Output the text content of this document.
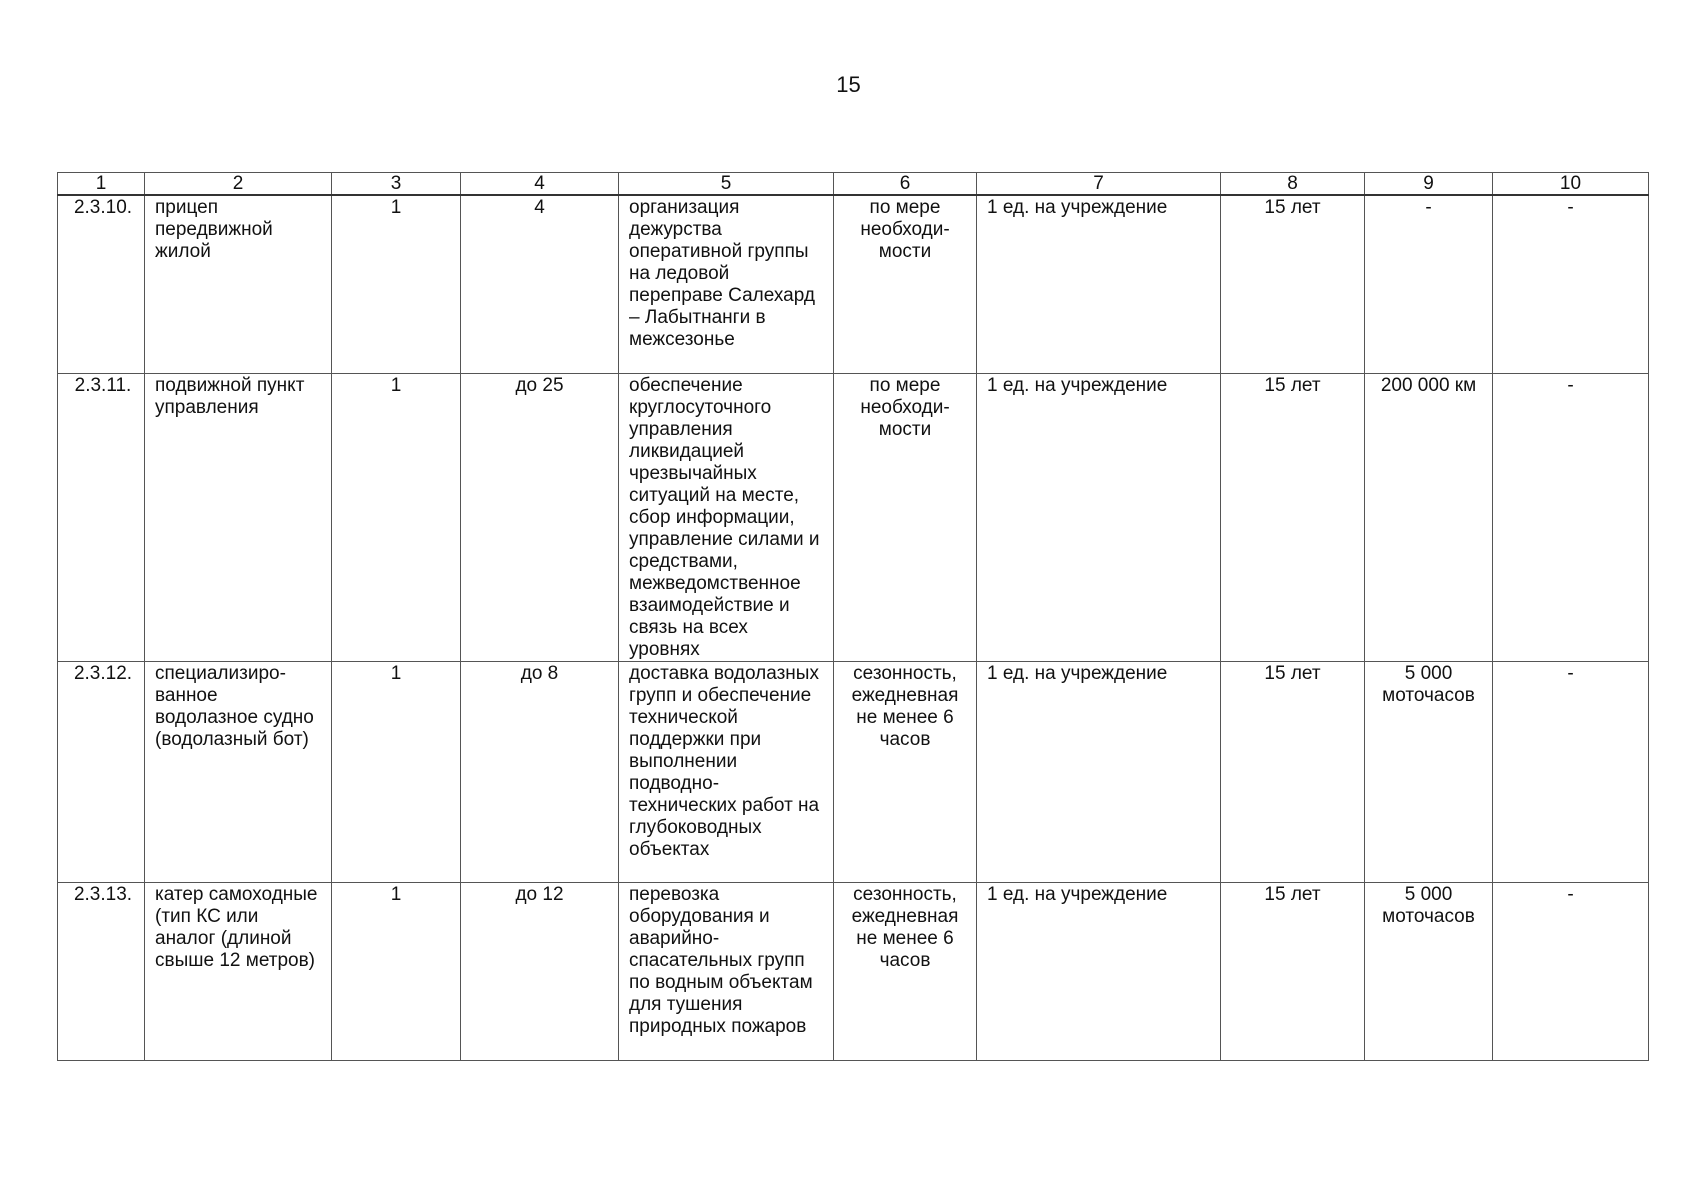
15
1	2	3	4	5	6	7	8	9	10
2.3.10.	прицеп передвижной жилой	1	4	организация дежурства оперативной группы на ледовой переправе Салехард – Лабытнанги в межсезонье	по мере необходи-мости	1 ед. на учреждение	15 лет	-	-
2.3.11.	подвижной пункт управления	1	до 25	обеспечение круглосуточного управления ликвидацией чрезвычайных ситуаций на месте, сбор информации, управление силами и средствами, межведомственное взаимодействие и связь на всех уровнях	по мере необходи-мости	1 ед. на учреждение	15 лет	200 000 км	-
2.3.12.	специализиро-ванное водолазное судно (водолазный бот)	1	до 8	доставка водолазных групп и обеспечение технической поддержки при выполнении подводно-технических работ на глубоководных объектах	сезонность, ежедневная не менее 6 часов	1 ед. на учреждение	15 лет	5 000 моточасов	-
2.3.13.	катер самоходные (тип КС или аналог (длиной свыше 12 метров)	1	до 12	перевозка оборудования и аварийно-спасательных групп по водным объектам для тушения природных пожаров	сезонность, ежедневная не менее 6 часов	1 ед. на учреждение	15 лет	5 000 моточасов	-
